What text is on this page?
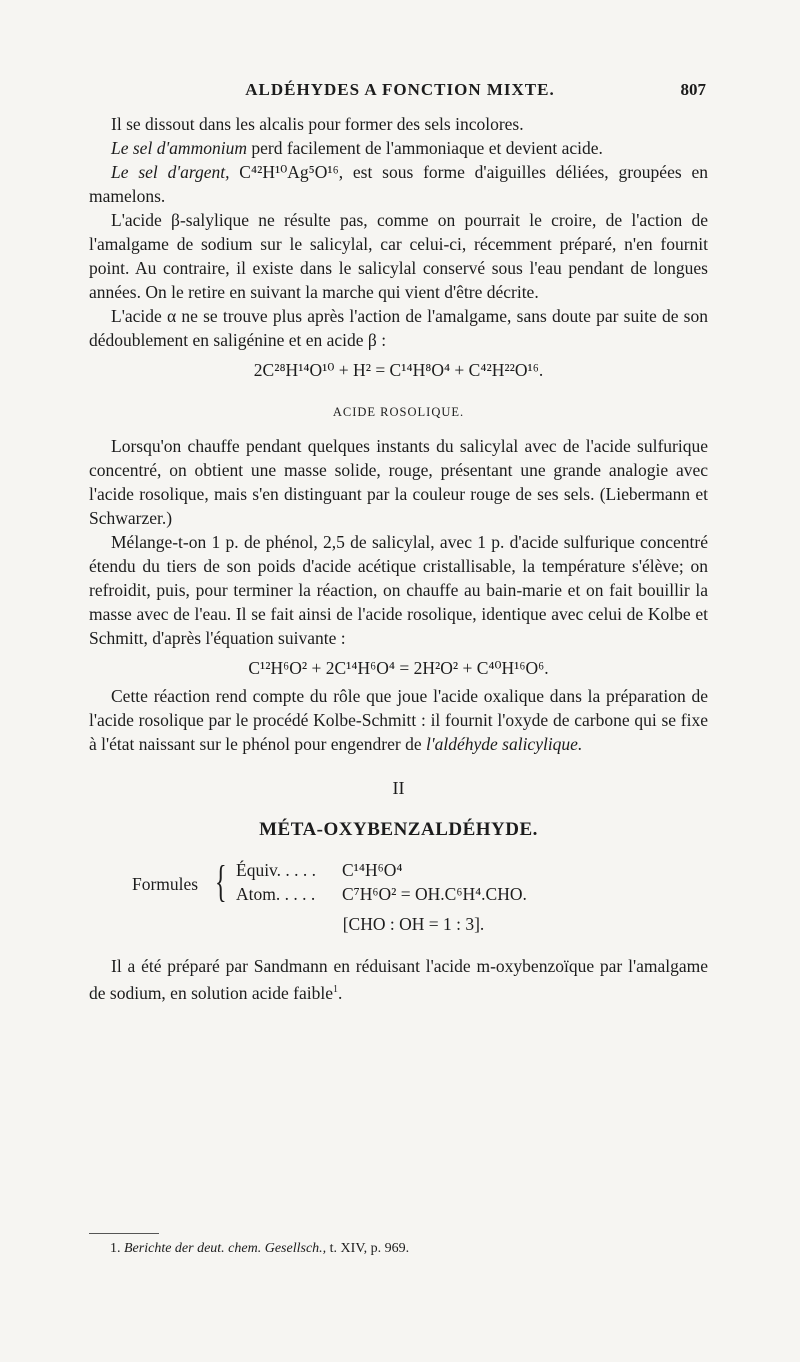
ALDÉHYDES A FONCTION MIXTE.	807

Il se dissout dans les alcalis pour former des sels incolores.

Le sel d'ammonium perd facilement de l'ammoniaque et devient acide.

Le sel d'argent, C⁴²H¹⁰Ag⁵O¹⁶, est sous forme d'aiguilles déliées, groupées en mamelons.

L'acide β-salylique ne résulte pas, comme on pourrait le croire, de l'action de l'amalgame de sodium sur le salicylal, car celui-ci, récemment préparé, n'en fournit point. Au contraire, il existe dans le salicylal conservé sous l'eau pendant de longues années. On le retire en suivant la marche qui vient d'être décrite.

L'acide α ne se trouve plus après l'action de l'amalgame, sans doute par suite de son dédoublement en saligénine et en acide β :

2C²⁸H¹⁴O¹⁰ + H² = C¹⁴H⁸O⁴ + C⁴²H²²O¹⁶.
ACIDE ROSOLIQUE.

Lorsqu'on chauffe pendant quelques instants du salicylal avec de l'acide sulfurique concentré, on obtient une masse solide, rouge, présentant une grande analogie avec l'acide rosolique, mais s'en distinguant par la couleur rouge de ses sels. (Liebermann et Schwarzer.)

Mélange-t-on 1 p. de phénol, 2,5 de salicylal, avec 1 p. d'acide sulfurique concentré étendu du tiers de son poids d'acide acétique cristallisable, la température s'élève; on refroidit, puis, pour terminer la réaction, on chauffe au bain-marie et on fait bouillir la masse avec de l'eau. Il se fait ainsi de l'acide rosolique, identique avec celui de Kolbe et Schmitt, d'après l'équation suivante :

C¹²H⁶O² + 2C¹⁴H⁶O⁴ = 2H²O² + C⁴⁰H¹⁶O⁶.

Cette réaction rend compte du rôle que joue l'acide oxalique dans la préparation de l'acide rosolique par le procédé Kolbe-Schmitt : il fournit l'oxyde de carbone qui se fixe à l'état naissant sur le phénol pour engendrer de l'aldéhyde salicylique.

II
MÉTA-OXYBENZALDÉHYDE.
Formules { Équiv. . . . . C¹⁴H⁶O⁴
Atom. . . . . C⁷H⁶O² = OH.C⁶H⁴.CHO.
[CHO : OH = 1 : 3].

Il a été préparé par Sandmann en réduisant l'acide m-oxybenzoïque par l'amalgame de sodium, en solution acide faible$^1$.

1. Berichte der deut. chem. Gesellsch., t. XIV, p. 969.
